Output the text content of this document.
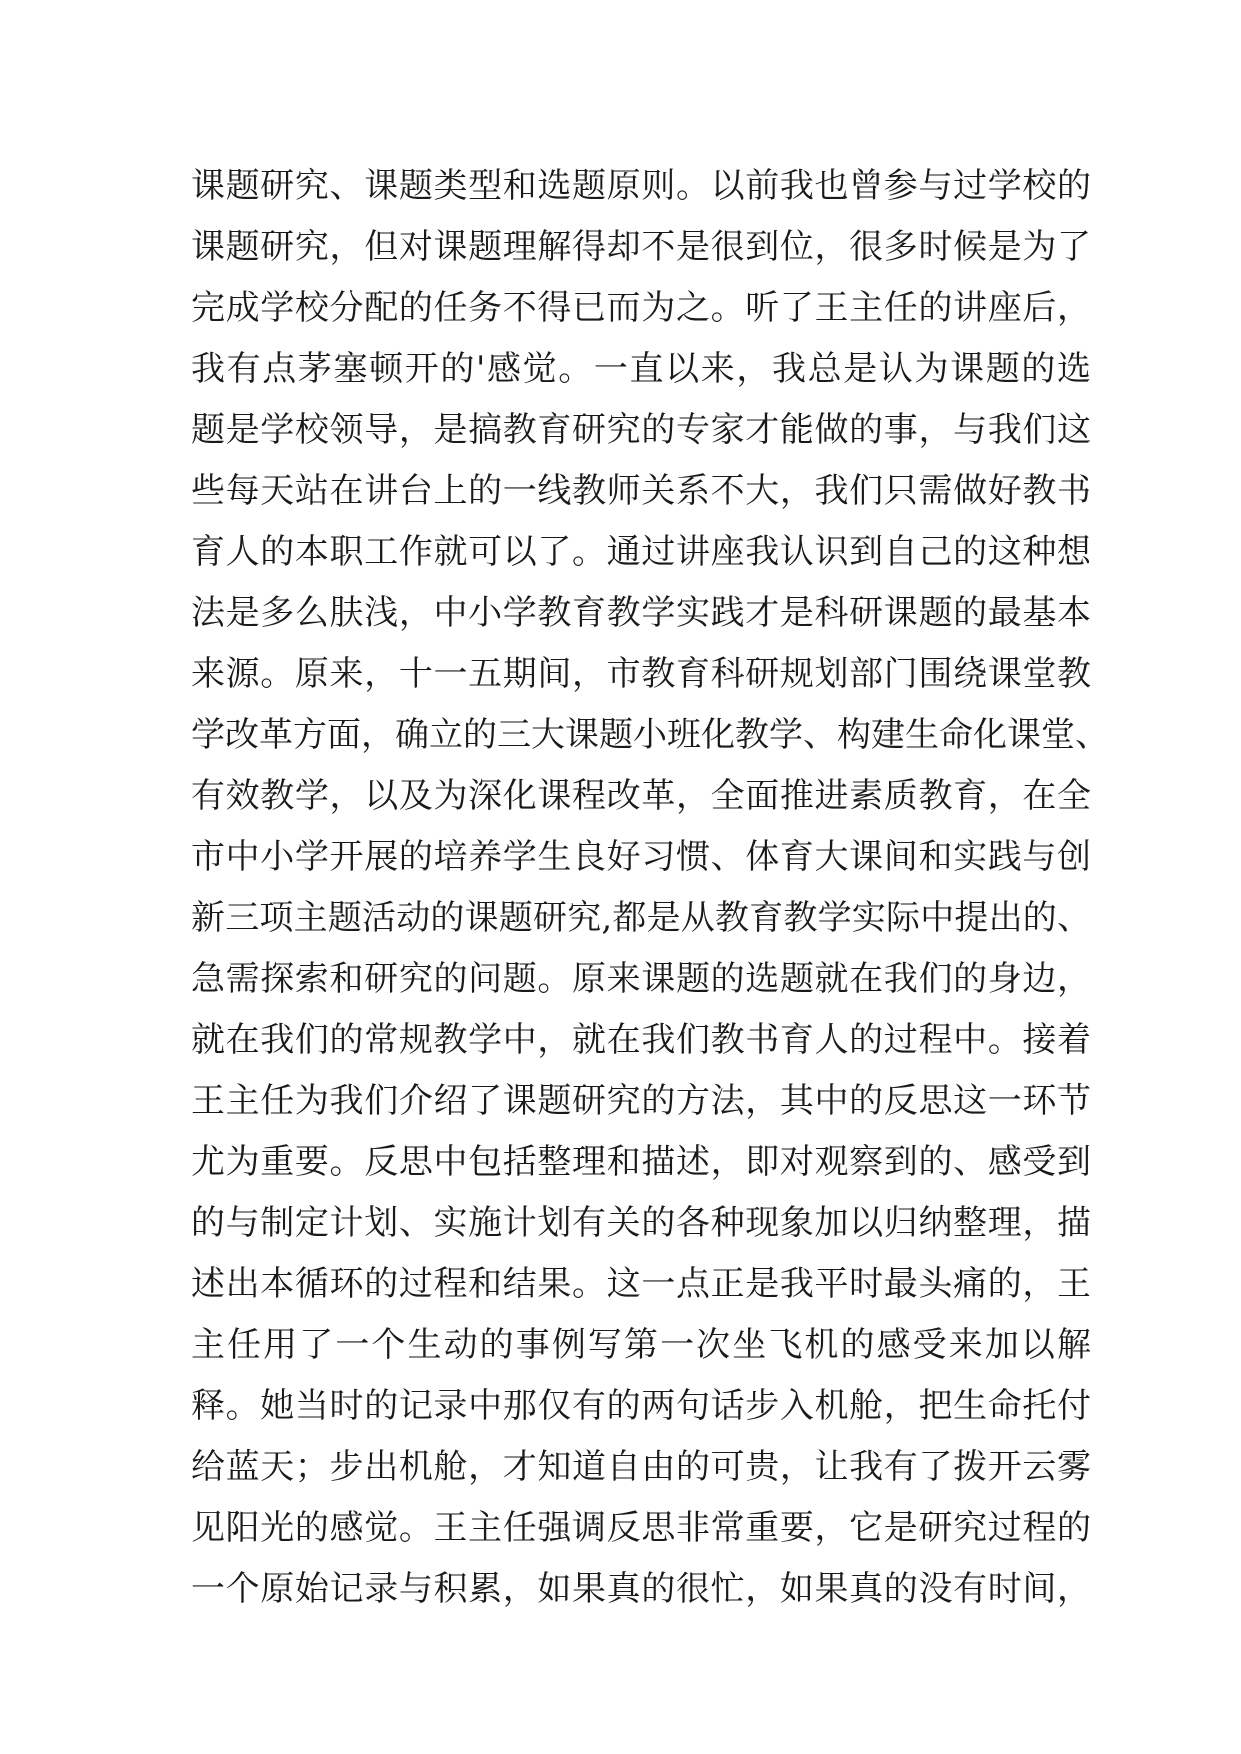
课题研究、课题类型和选题原则。以前我也曾参与过学校的
课题研究，但对课题理解得却不是很到位，很多时候是为了
完成学校分配的任务不得已而为之。听了王主任的讲座后，
我有点茅塞顿开的'感觉。一直以来，我总是认为课题的选
题是学校领导，是搞教育研究的专家才能做的事，与我们这
些每天站在讲台上的一线教师关系不大，我们只需做好教书
育人的本职工作就可以了。通过讲座我认识到自己的这种想
法是多么肤浅，中小学教育教学实践才是科研课题的最基本
来源。原来，十一五期间，市教育科研规划部门围绕课堂教
学改革方面，确立的三大课题小班化教学、构建生命化课堂、
有效教学，以及为深化课程改革，全面推进素质教育，在全
市中小学开展的培养学生良好习惯、体育大课间和实践与创
新三项主题活动的课题研究,都是从教育教学实际中提出的、
急需探索和研究的问题。原来课题的选题就在我们的身边，
就在我们的常规教学中，就在我们教书育人的过程中。接着
王主任为我们介绍了课题研究的方法，其中的反思这一环节
尤为重要。反思中包括整理和描述，即对观察到的、感受到
的与制定计划、实施计划有关的各种现象加以归纳整理，描
述出本循环的过程和结果。这一点正是我平时最头痛的，王
主任用了一个生动的事例写第一次坐飞机的感受来加以解
释。她当时的记录中那仅有的两句话步入机舱，把生命托付
给蓝天；步出机舱，才知道自由的可贵，让我有了拨开云雾
见阳光的感觉。王主任强调反思非常重要，它是研究过程的
一个原始记录与积累，如果真的很忙，如果真的没有时间，
